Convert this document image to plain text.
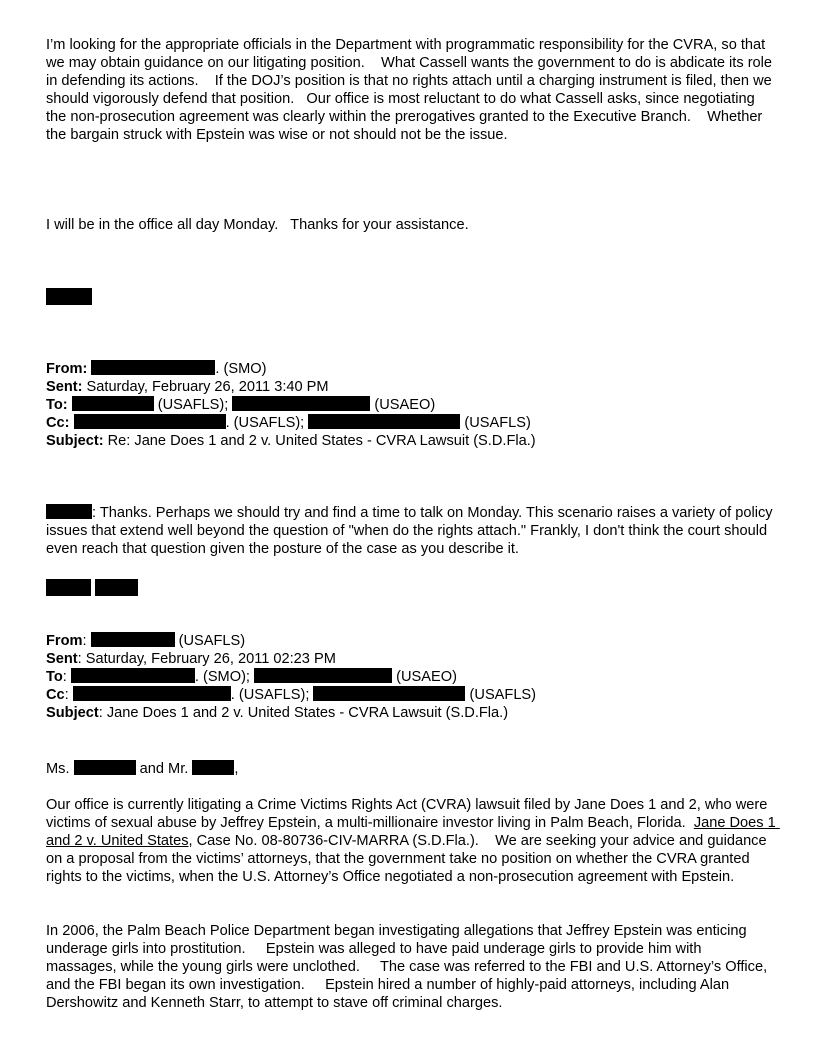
I’m looking for the appropriate officials in the Department with programmatic responsibility for the CVRA, so that we may obtain guidance on our litigating position.    What Cassell wants the government to do is abdicate its role in defending its actions.    If the DOJ’s position is that no rights attach until a charging instrument is filed, then we should vigorously defend that position.   Our office is most reluctant to do what Cassell asks, since negotiating the non-prosecution agreement was clearly within the prerogatives granted to the Executive Branch.    Whether the bargain struck with Epstein was wise or not should not be the issue.

I will be in the office all day Monday.   Thanks for your assistance.

From:	. (SMO)
Sent: Saturday, February 26, 2011 3:40 PM
To:	(USAFLS);	(USAEO)
Cc:	. (USAFLS);	(USAFLS)
Subject: Re: Jane Does 1 and 2 v. United States - CVRA Lawsuit (S.D.Fla.)

: Thanks. Perhaps we should try and find a time to talk on Monday. This scenario raises a variety of policy issues that extend well beyond the question of "when do the rights attach." Frankly, I don't think the court should even reach that question given the posture of the case as you describe it.

From:	(USAFLS)
Sent: Saturday, February 26, 2011 02:23 PM
To:	. (SMO);	(USAEO)
Cc:	. (USAFLS);	(USAFLS)
Subject: Jane Does 1 and 2 v. United States - CVRA Lawsuit (S.D.Fla.)

Ms.	and Mr.	,

Our office is currently litigating a Crime Victims Rights Act (CVRA) lawsuit filed by Jane Does 1 and 2, who were victims of sexual abuse by Jeffrey Epstein, a multi-millionaire investor living in Palm Beach, Florida.  Jane Does 1 and 2 v. United States, Case No. 08-80736-CIV-MARRA (S.D.Fla.).    We are seeking your advice and guidance on a proposal from the victims’ attorneys, that the government take no position on whether the CVRA granted rights to the victims, when the U.S. Attorney’s Office negotiated a non-prosecution agreement with Epstein.

In 2006, the Palm Beach Police Department began investigating allegations that Jeffrey Epstein was enticing underage girls into prostitution.     Epstein was alleged to have paid underage girls to provide him with massages, while the young girls were unclothed.     The case was referred to the FBI and U.S. Attorney’s Office, and the FBI began its own investigation.     Epstein hired a number of highly-paid attorneys, including Alan Dershowitz and Kenneth Starr, to attempt to stave off criminal charges.
